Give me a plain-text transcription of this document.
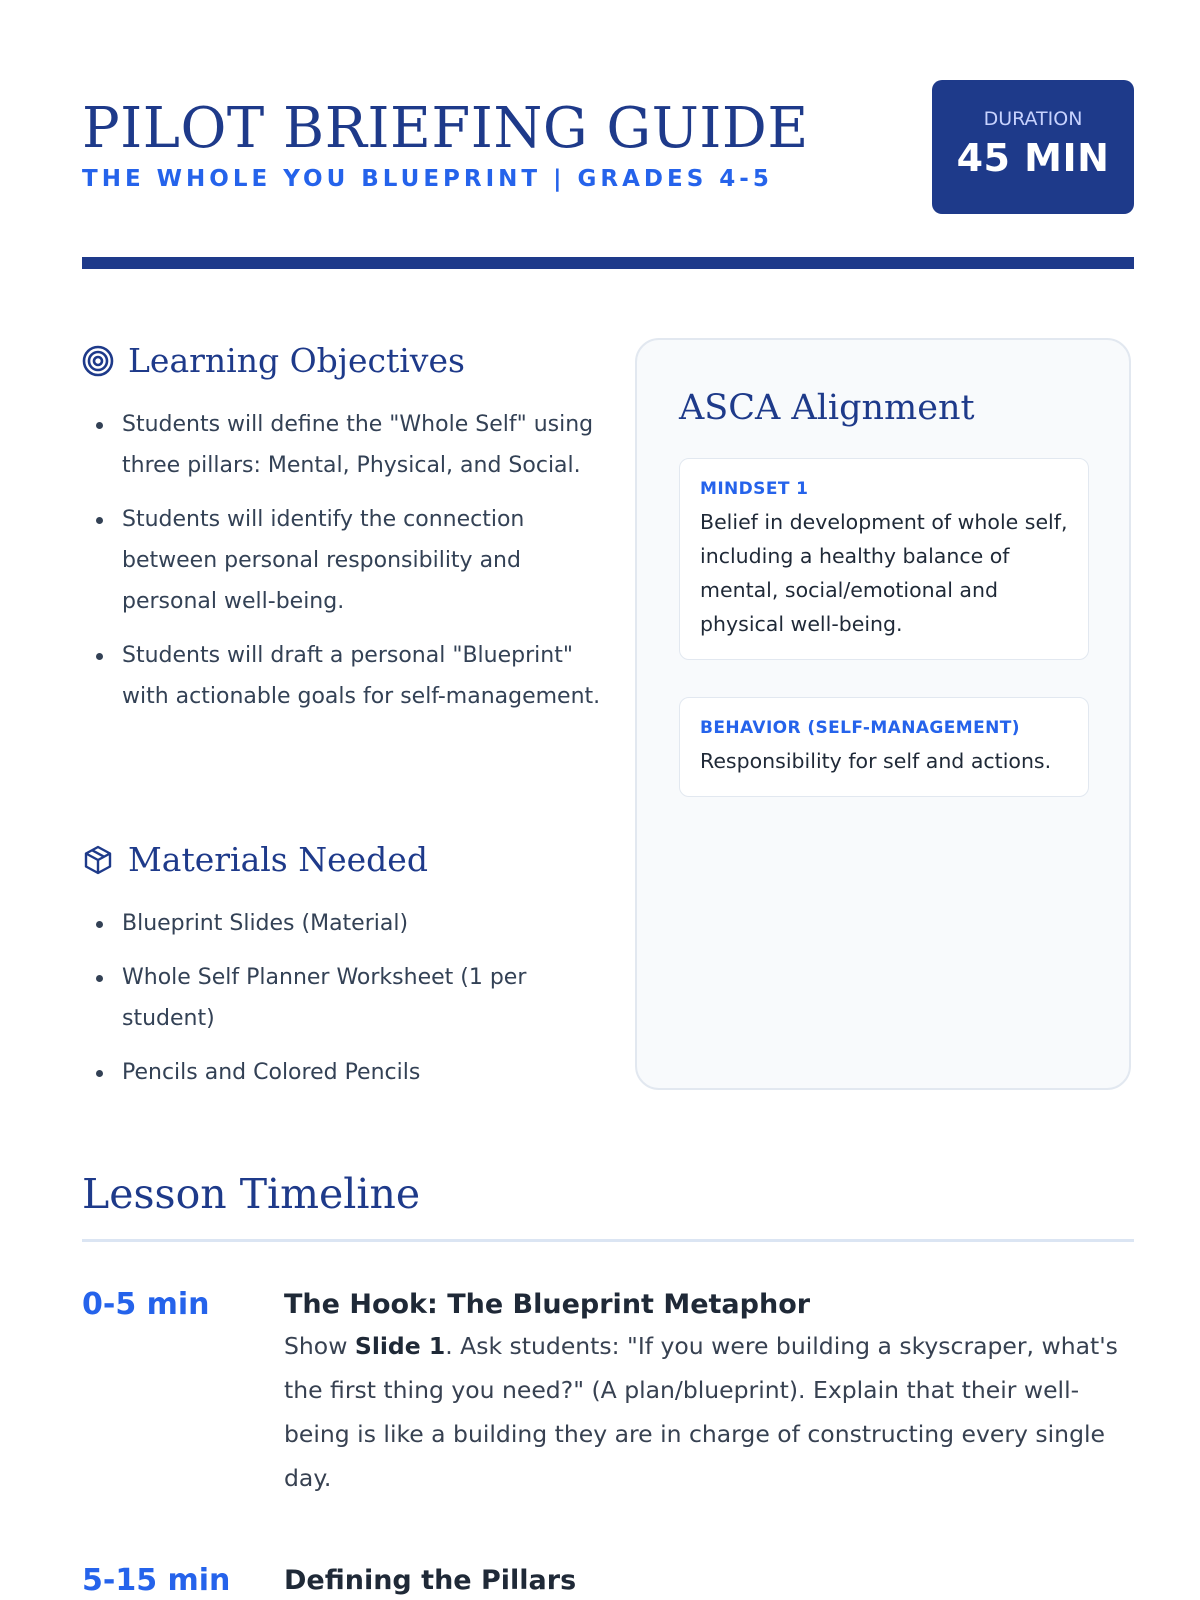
PILOT BRIEFING GUIDE
THE WHOLE YOU BLUEPRINT | GRADES 4-5
DURATION
45 MIN
Learning Objectives
Students will define the "Whole Self" using three pillars: Mental, Physical, and Social.
Students will identify the connection between personal responsibility and personal well-being.
Students will draft a personal "Blueprint" with actionable goals for self-management.
Materials Needed
Blueprint Slides (Material)
Whole Self Planner Worksheet (1 per student)
Pencils and Colored Pencils
ASCA Alignment
MINDSET 1
Belief in development of whole self, including a healthy balance of mental, social/emotional and physical well-being.
BEHAVIOR (SELF-MANAGEMENT)
Responsibility for self and actions.
Lesson Timeline
0-5 min	The Hook: The Blueprint Metaphor

Show Slide 1. Ask students: "If you were building a skyscraper, what's the first thing you need?" (A plan/blueprint). Explain that their well-being is like a building they are in charge of constructing every single day.

5-15 min Defining the Pillars
